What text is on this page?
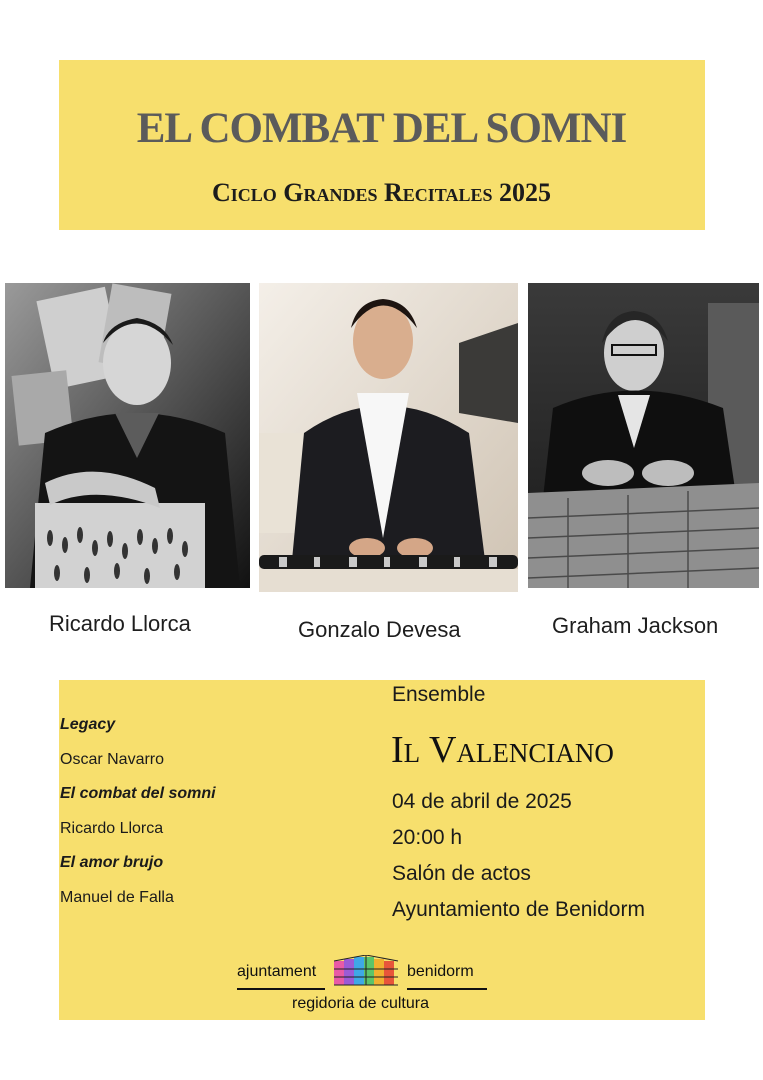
EL COMBAT DEL SOMNI
Ciclo Grandes Recitales 2025
Ricardo Llorca	Gonzalo Devesa	Graham Jackson
Legacy
Oscar Navarro
El combat del somni
Ricardo Llorca
El amor brujo
Manuel de Falla
Ensemble
Il Valenciano
04 de abril de 2025
20:00 h
Salón de actos
Ayuntamiento de Benidorm
ajuntament	benidorm
regidoria de cultura
